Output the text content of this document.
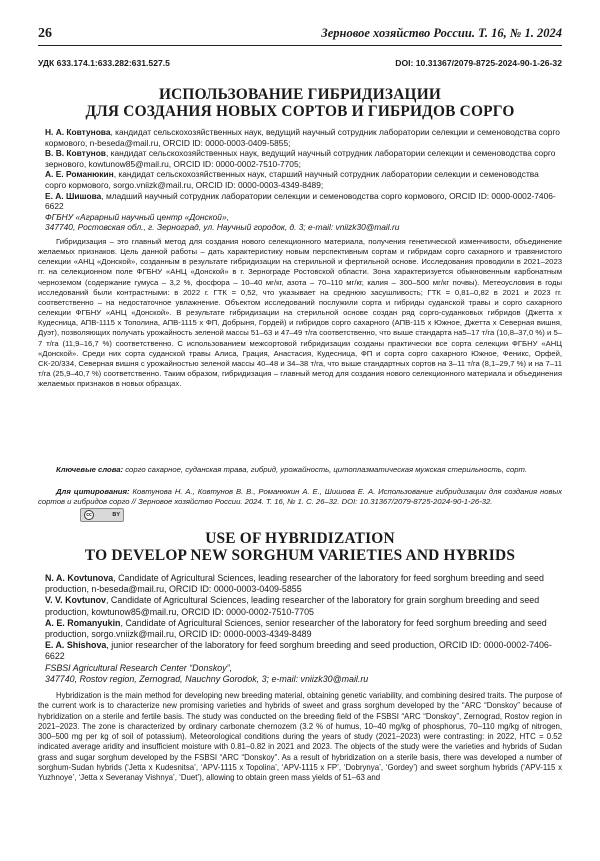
26	Зерновое хозяйство России. Т. 16, № 1. 2024
УДК 633.174.1:633.282:631.527.5	DOI: 10.31367/2079-8725-2024-90-1-26-32
ИСПОЛЬЗОВАНИЕ ГИБРИДИЗАЦИИ
ДЛЯ СОЗДАНИЯ НОВЫХ СОРТОВ И ГИБРИДОВ СОРГО

Н. А. Ковтунова, кандидат сельскохозяйственных наук, ведущий научный сотрудник лаборатории селекции и семеноводства сорго кормового, n-beseda@mail.ru, ORCID ID: 0000-0003-0409-5855;

В. В. Ковтунов, кандидат сельскохозяйственных наук, ведущий научный сотрудник лаборатории селекции и семеноводства сорго зернового, kowtunow85@mail.ru, ORCID ID: 0000-0002-7510-7705;

А. Е. Романюкин, кандидат сельскохозяйственных наук, старший научный сотрудник лаборатории селекции и семеноводства сорго кормового, sorgo.vniizk@mail.ru, ORCID ID: 0000-0003-4349-8489;

Е. А. Шишова, младший научный сотрудник лаборатории селекции и семеноводства сорго кормового, ORCID ID: 0000-0002-7406-6622

ФГБНУ «Аграрный научный центр «Донской»,

347740, Ростовская обл., г. Зерноград, ул. Научный городок, д. 3; e-mail: vniizk30@mail.ru

Гибридизация – это главный метод для создания нового селекционного материала, получения генетической изменчивости, объединение желаемых признаков. Цель данной работы – дать характеристику новым перспективным сортам и гибридам сорго сахарного и травянистого селекции «АНЦ «Донской», созданным в результате гибридизации на стерильной и фертильной основе. Исследования проводили в 2021–2023 гг. на селекционном поле ФГБНУ «АНЦ «Донской» в г. Зернограде Ростовской области. Зона характеризуется обыкновенным карбонатным черноземом (содержание гумуса – 3,2 %, фосфора – 10–40 мг/кг, азота – 70–110 мг/кг, калия – 300–500 мг/кг почвы). Метеоусловия в годы исследований были контрастными: в 2022 г. ГТК = 0,52, что указывает на среднюю засушливость; ГТК = 0,81–0,82 в 2021 и 2023 гг. соответственно – на недостаточное увлажнение. Объектом исследований послужили сорта и гибриды суданской травы и сорго сахарного селекции ФГБНУ «АНЦ «Донской». В результате гибридизации на стерильной основе создан ряд сорго-суданковых гибридов (Джетта х Кудесница, АПВ-1115 х Тополина, АПВ-1115 х ФП, Добрыня, Гордей) и гибридов сорго сахарного (АПВ-115 х Южное, Джетта х Северная вишня, Дуэт), позволяющих получать урожайность зеленой массы 51–63 и 47–49 т/га соответственно, что выше стандарта на5–17 т/га (10,8–37,0 %) и 5–7 т/га (11,9–16,7 %) соответственно. С использованием межсортовой гибридизации созданы практически все сорта селекции ФГБНУ «АНЦ «Донской». Среди них сорта суданской травы Алиса, Грация, Анастасия, Кудесница, ФП и сорта сорго сахарного Южное, Феникс, Орфей, СК-20/334, Северная вишня с урожайностью зеленой массы 40–48 и 34–38 т/га, что выше стандартных сортов на 3–11 т/га (8,1–29,7 %) и на 7–11 т/га (25,9–40,7 %) соответственно. Таким образом, гибридизация – главный метод для создания нового селекционного материала и объединения желаемых признаков в новых образцах.

Ключевые слова: сорго сахарное, суданская трава, гибрид, урожайность, цитоплазматическая мужская стерильность, сорт.

Для цитирования: Ковтунова Н. А., Ковтунов В. В., Романюкин А. Е., Шишова Е. А. Использование гибридизации для создания новых сортов и гибридов сорго // Зерновое хозяйство России. 2024. Т. 16, № 1. С. 26–32. DOI: 10.31367/2079-8725-2024-90-1-26-32.

cc	BY
USE OF HYBRIDIZATION
TO DEVELOP NEW SORGHUM VARIETIES AND HYBRIDS

N. A. Kovtunova, Candidate of Agricultural Sciences, leading researcher of the laboratory for feed sorghum breeding and seed production, n-beseda@mail.ru, ORCID ID: 0000-0003-0409-5855

V. V. Kovtunov, Candidate of Agricultural Sciences, leading researcher of the laboratory for grain sorghum breeding and seed production, kowtunow85@mail.ru, ORCID ID: 0000-0002-7510-7705

A. E. Romanyukin, Candidate of Agricultural Sciences, senior researcher of the laboratory for feed sorghum breeding and seed production, sorgo.vniizk@mail.ru, ORCID ID: 0000-0003-4349-8489

E. A. Shishova, junior researcher of the laboratory for feed sorghum breeding and seed production, ORCID ID: 0000-0002-7406-6622

FSBSI Agricultural Research Center “Donskoy”,

347740, Rostov region, Zernograd, Nauchny Gorodok, 3; e-mail: vniizk30@mail.ru

Hybridization is the main method for developing new breeding material, obtaining genetic variability, and combining desired traits. The purpose of the current work is to characterize new promising varieties and hybrids of sweet and grass sorghum developed by the “ARC “Donskoy” because of hybridization on a sterile and fertile basis. The study was conducted on the breeding field of the FSBSI “ARC “Donskoy”, Zernograd, Rostov region in 2021–2023. The zone is characterized by ordinary carbonate chernozem (3.2 % of humus, 10–40 mg/kg of phosphorus, 70–110 mg/kg of nitrogen, 300–500 mg per kg of soil of potassium). Meteorological conditions during the years of study (2021–2023) were contrasting: in 2022, HTC = 0.52 indicated average aridity and insufficient moisture with 0.81–0.82 in 2021 and 2023. The objects of the study were the varieties and hybrids of Sudan grass and sugar sorghum developed by the FSBSI “ARC “Donskoy”. As a result of hybridization on a sterile basis, there was developed a number of sorghum-Sudan hybrids (‘Jetta x Kudesnitsa’, ‘APV-1115 x Topolina’, ‘APV-1115 x FP’, ‘Dobrynya’, ‘Gordey’) and sweet sorghum hybrids (‘APV-115 x Yuzhnoye’, ‘Jetta x Severanay Vishnya’, ‘Duet’), allowing to obtain green mass yields of 51–63 and
